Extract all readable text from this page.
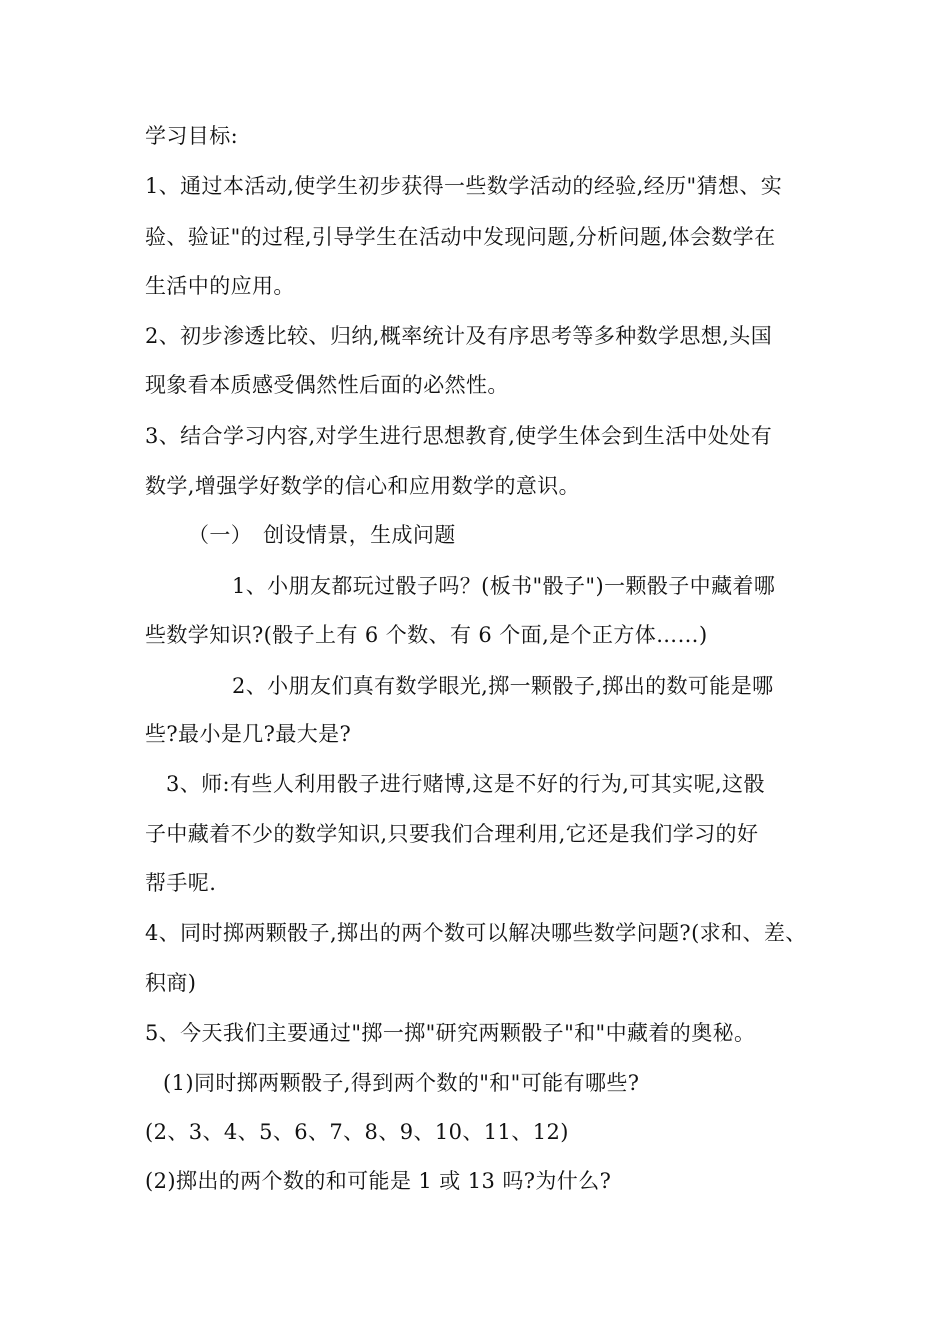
学习目标:
1、通过本活动,使学生初步获得一些数学活动的经验,经历"猜想、实
验、验证"的过程,引导学生在活动中发现问题,分析问题,体会数学在
生活中的应用。
2、初步渗透比较、归纳,概率统计及有序思考等多种数学思想,头国
现象看本质感受偶然性后面的必然性。
3、结合学习内容,对学生进行思想教育,使学生体会到生活中处处有
数学,增强学好数学的信心和应用数学的意识。
（一）　创设情景，生成问题
1、小朋友都玩过骰子吗？(板书"骰子")一颗骰子中藏着哪
些数学知识?(骰子上有 6 个数、有 6 个面,是个正方体……)
2、小朋友们真有数学眼光,掷一颗骰子,掷出的数可能是哪
些?最小是几?最大是?
3、师:有些人利用骰子进行赌博,这是不好的行为,可其实呢,这骰
子中藏着不少的数学知识,只要我们合理利用,它还是我们学习的好
帮手呢.
4、同时掷两颗骰子,掷出的两个数可以解决哪些数学问题?(求和、差、
积商)
5、今天我们主要通过"掷一掷"研究两颗骰子"和"中藏着的奥秘。
(1)同时掷两颗骰子,得到两个数的"和"可能有哪些?
(2、3、4、5、6、7、8、9、10、11、12)
(2)掷出的两个数的和可能是 1 或 13 吗?为什么?
